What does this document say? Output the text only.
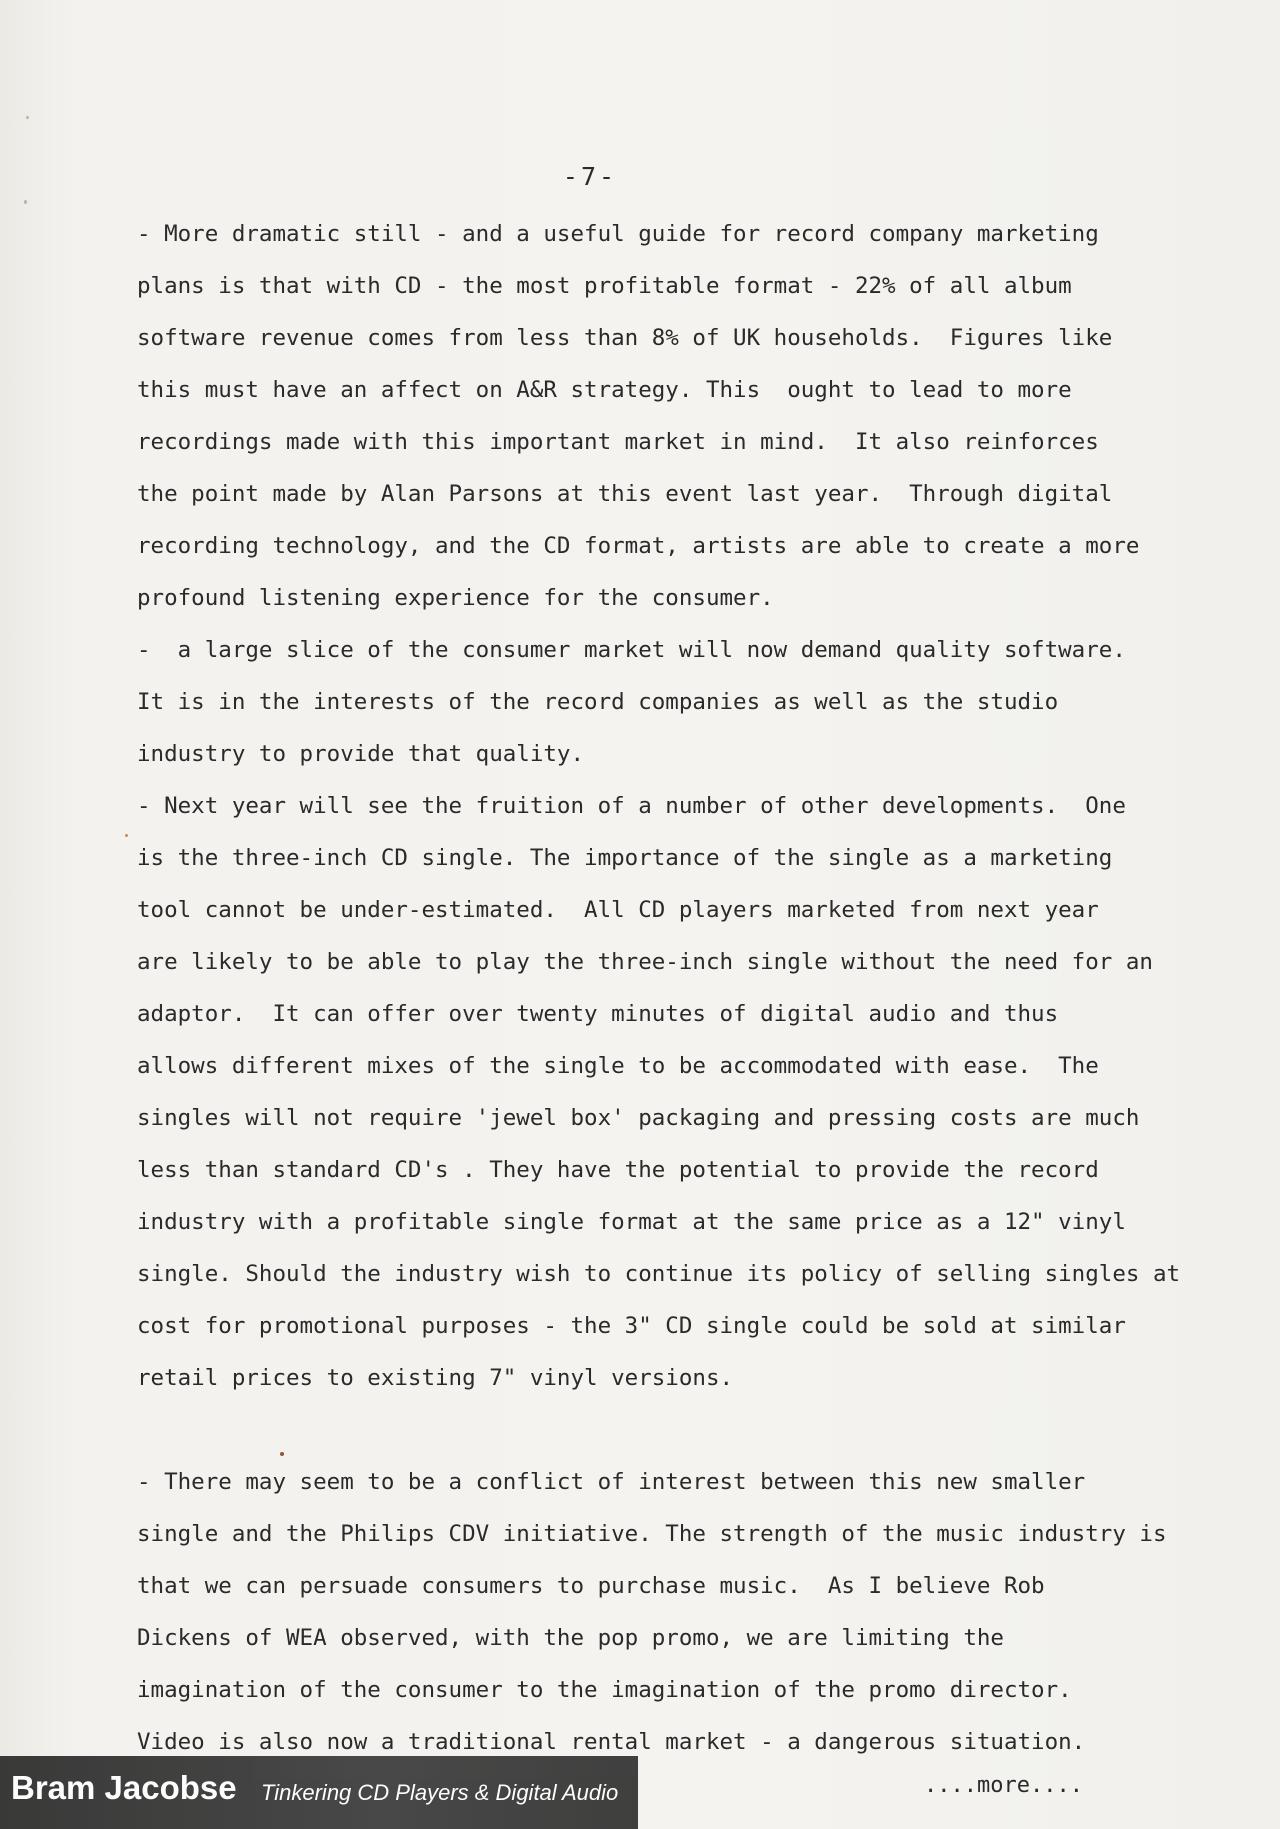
-7-
- More dramatic still - and a useful guide for record company marketing
plans is that with CD - the most profitable format - 22% of all album
software revenue comes from less than 8% of UK households.  Figures like
this must have an affect on A&R strategy. This  ought to lead to more
recordings made with this important market in mind.  It also reinforces
the point made by Alan Parsons at this event last year.  Through digital
recording technology, and the CD format, artists are able to create a more
profound listening experience for the consumer.
-  a large slice of the consumer market will now demand quality software.
It is in the interests of the record companies as well as the studio
industry to provide that quality.
- Next year will see the fruition of a number of other developments.  One
is the three-inch CD single. The importance of the single as a marketing
tool cannot be under-estimated.  All CD players marketed from next year
are likely to be able to play the three-inch single without the need for an
adaptor.  It can offer over twenty minutes of digital audio and thus
allows different mixes of the single to be accommodated with ease.  The
singles will not require 'jewel box' packaging and pressing costs are much
less than standard CD's . They have the potential to provide the record
industry with a profitable single format at the same price as a 12" vinyl
single. Should the industry wish to continue its policy of selling singles at
cost for promotional purposes - the 3" CD single could be sold at similar
retail prices to existing 7" vinyl versions.
- There may seem to be a conflict of interest between this new smaller
single and the Philips CDV initiative. The strength of the music industry is
that we can persuade consumers to purchase music.  As I believe Rob
Dickens of WEA observed, with the pop promo, we are limiting the
imagination of the consumer to the imagination of the promo director.
Video is also now a traditional rental market - a dangerous situation.
....more....
Bram Jacobse Tinkering CD Players & Digital Audio
